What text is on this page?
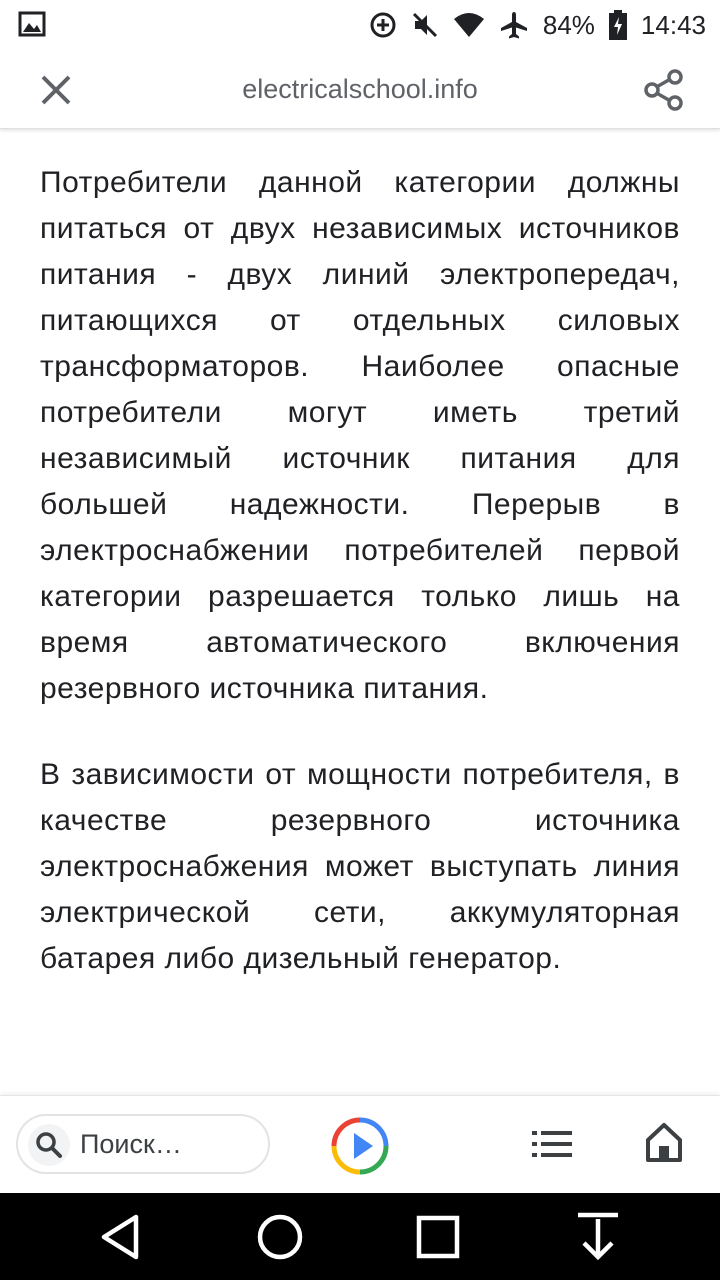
84% 14:43
electricalschool.info

Потребители данной категории должны питаться от двух независимых источников питания - двух линий электропередач, питающихся от отдельных силовых трансформаторов. Наиболее опасные потребители могут иметь третий независимый источник питания для большей надежности. Перерыв в электроснабжении потребителей первой категории разрешается только лишь на время автоматического включения резервного источника питания.

В зависимости от мощности потребителя, в качестве резервного источника электроснабжения может выступать линия электрической сети, аккумуляторная батарея либо дизельный генератор.

Поиск…
